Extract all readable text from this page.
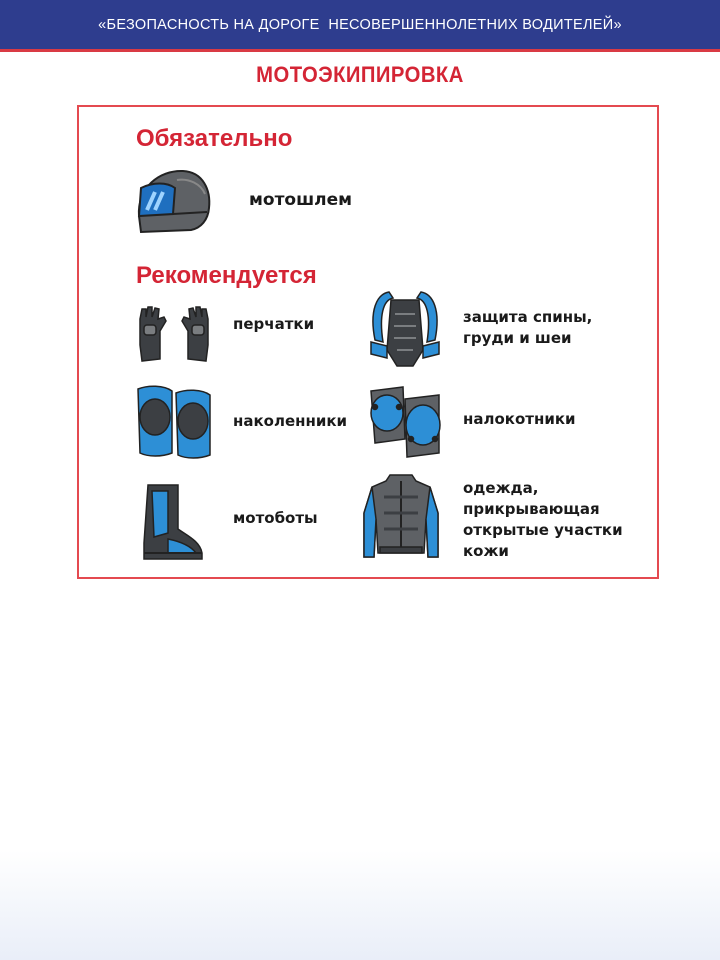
«БЕЗОПАСНОСТЬ НА ДОРОГЕ  НЕСОВЕРШЕННОЛЕТНИХ ВОДИТЕЛЕЙ»
МОТОЭКИПИРОВКА
Обязательно
мотошлем
Рекомендуется
перчатки	защита спины,
груди и шеи
наколенники	налокотники
мотоботы
одежда,
прикрывающая
открытые участки
кожи
